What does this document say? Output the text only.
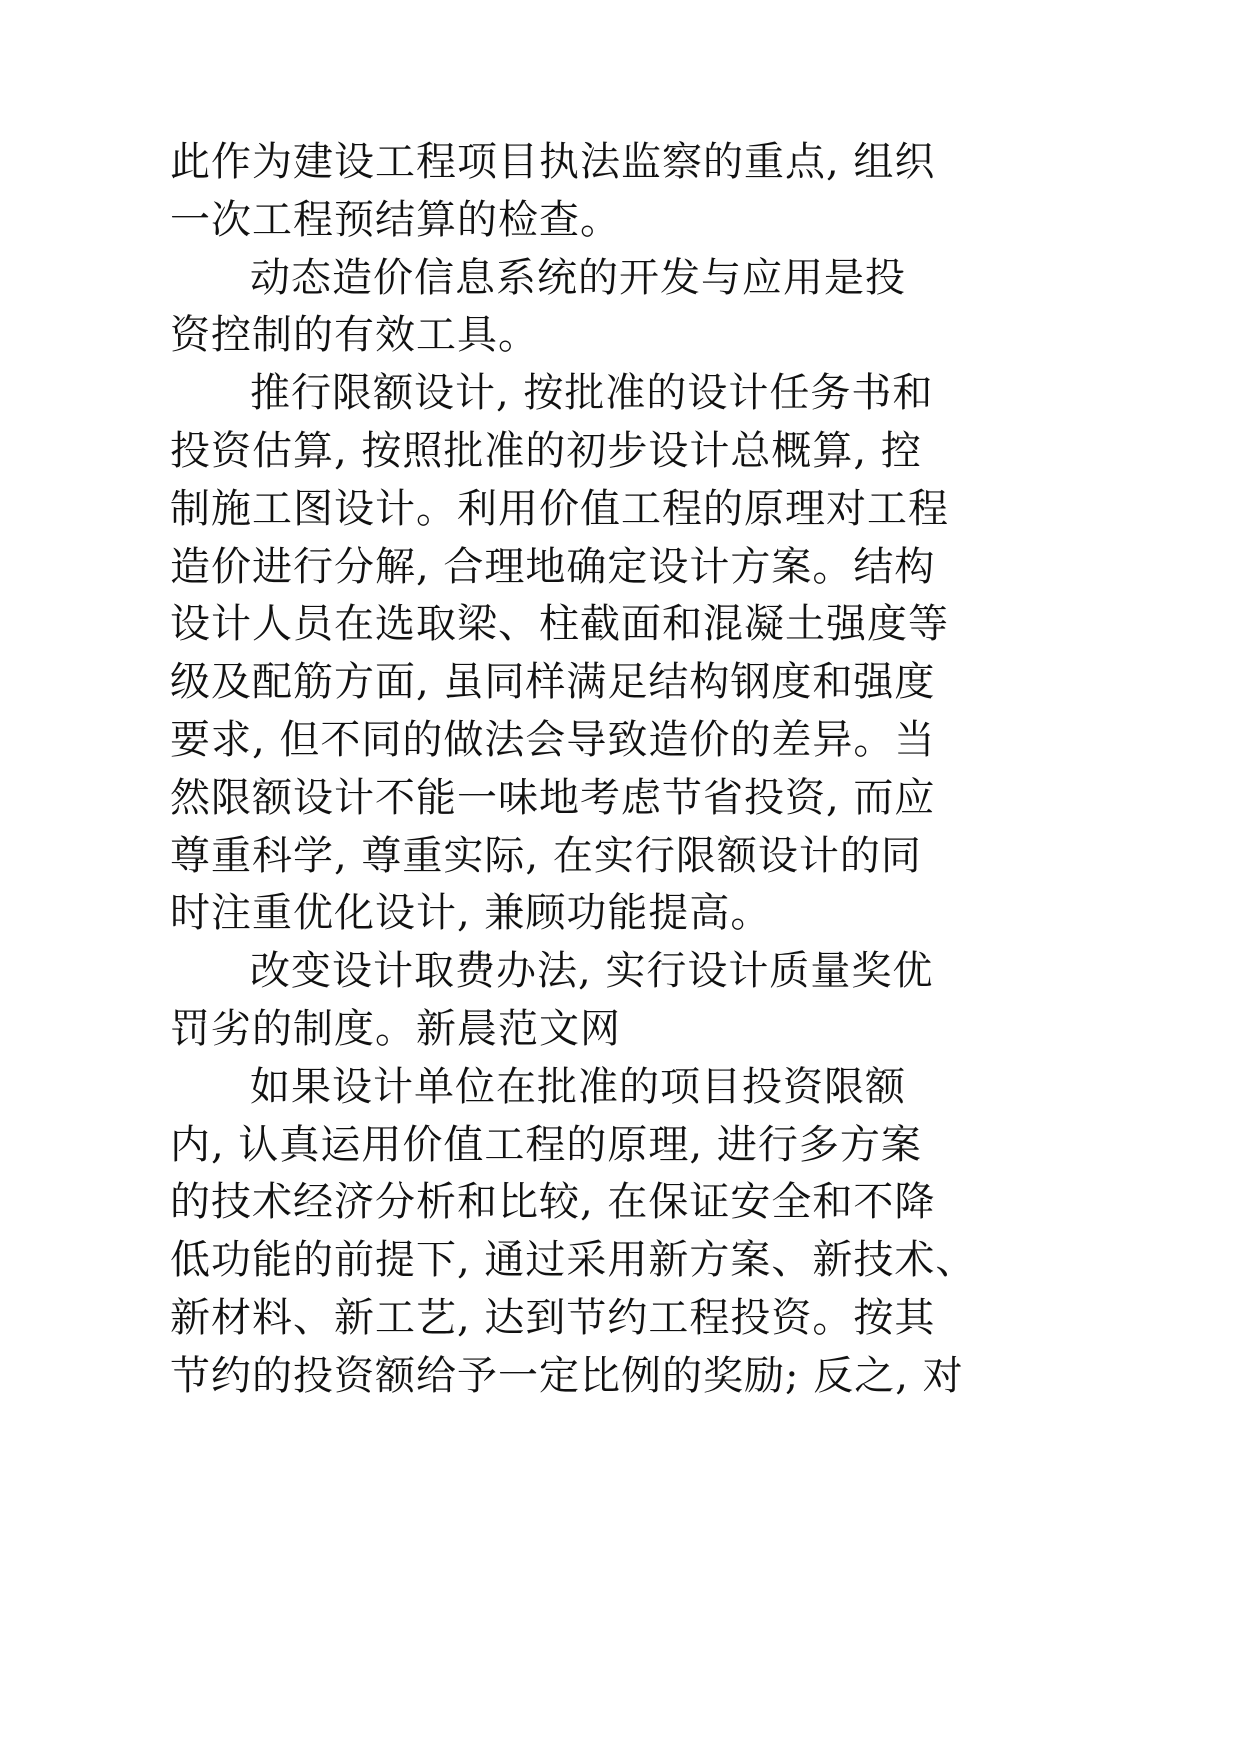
此作为建设工程项目执法监察的重点, 组织
一次工程预结算的检查。
动态造价信息系统的开发与应用是投
资控制的有效工具。
推行限额设计, 按批准的设计任务书和
投资估算, 按照批准的初步设计总概算, 控
制施工图设计。利用价值工程的原理对工程
造价进行分解, 合理地确定设计方案。结构
设计人员在选取梁、柱截面和混凝土强度等
级及配筋方面, 虽同样满足结构钢度和强度
要求, 但不同的做法会导致造价的差异。当
然限额设计不能一味地考虑节省投资, 而应
尊重科学, 尊重实际, 在实行限额设计的同
时注重优化设计, 兼顾功能提高。
改变设计取费办法, 实行设计质量奖优
罚劣的制度。新晨范文网
如果设计单位在批准的项目投资限额
内, 认真运用价值工程的原理, 进行多方案
的技术经济分析和比较, 在保证安全和不降
低功能的前提下, 通过采用新方案、新技术、
新材料、新工艺, 达到节约工程投资。按其
节约的投资额给予一定比例的奖励; 反之, 对
